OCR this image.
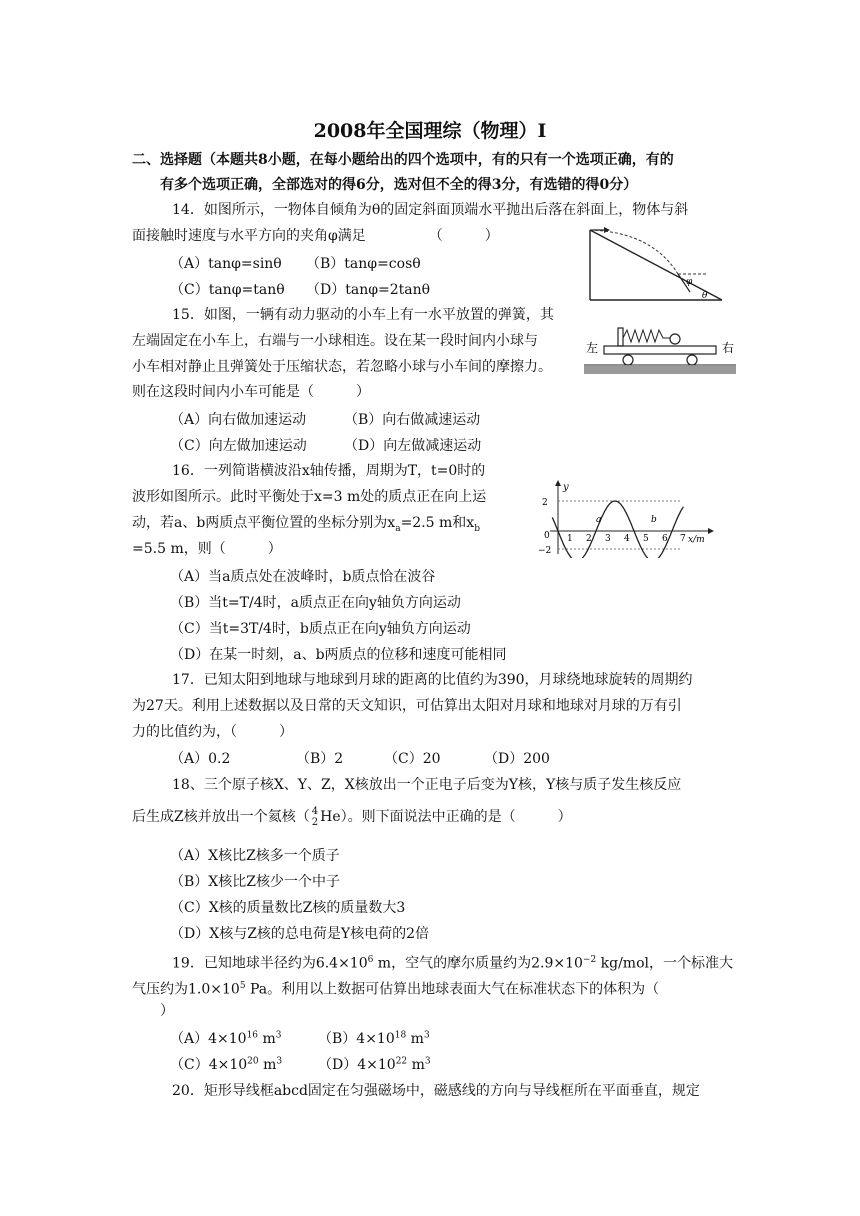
2008年全国理综（物理）Ⅰ
二、选择题（本题共8小题，在每小题给出的四个选项中，有的只有一个选项正确，有的
有多个选项正确，全部选对的得6分，选对但不全的得3分，有选错的得0分）
14．如图所示，一物体自倾角为θ的固定斜面顶端水平抛出后落在斜面上，物体与斜
面接触时速度与水平方向的夹角φ满足　　　　　（　　　）
（A）tanφ=sinθ （B）tanφ=cosθ
（C）tanφ=tanθ （D）tanφ=2tanθ	φ
θ
15．如图，一辆有动力驱动的小车上有一水平放置的弹簧，其
左端固定在小车上，右端与一小球相连。设在某一段时间内小球与
小车相对静止且弹簧处于压缩状态，若忽略小球与小车间的摩擦力。
则在这段时间内小车可能是（　　　）
（A）向右做加速运动	（B）向右做减速运动
（C）向左做加速运动	（D）向左做减速运动
左	右
16．一列简谐横波沿x轴传播，周期为T，t=0时的
波形如图所示。此时平衡处于x=3 m处的质点正在向上运
动，若a、b两质点平衡位置的坐标分别为$x_a=2.5$ m和$x_b$
=5.5 m，则（　　　）
（A）当a质点处在波峰时，b质点恰在波谷
（B）当t=T/4时，a质点正在向y轴负方向运动
（C）当t=3T/4时，b质点正在向y轴负方向运动
（D）在某一时刻，a、b两质点的位移和速度可能相同
y
x/m
2
0
−2
1 2 3 4 5 6 7
a	b
17．已知太阳到地球与地球到月球的距离的比值约为390，月球绕地球旋转的周期约
为27天。利用上述数据以及日常的天文知识，可估算出太阳对月球和地球对月球的万有引
力的比值约为，（　　　）
（A）0.2	（B）2	（C）20	（D）200
18、三个原子核X、Y、Z，X核放出一个正电子后变为Y核，Y核与质子发生核反应
后生成Z核并放出一个氦核（ 4
2 He）。则下面说法中正确的是（　　　）
（A）X核比Z核多一个质子
（B）X核比Z核少一个中子
（C）X核的质量数比Z核的质量数大3
（D）X核与Z核的总电荷是Y核电荷的2倍
19．已知地球半径约为$6.4\times 10^6$ m，空气的摩尔质量约为$2.9\times 10^{-2}$ kg/mol，一个标准大
气压约为$1.0\times 10^5$ Pa。利用以上数据可估算出地球表面大气在标准状态下的体积为（
）
$(A)4\times 10^{16}$ $m^3$	$(B)4\times 10^{18}$ $m^3$
$(C)4\times 10^{20}$ $m^3$	$(D)4\times 10^{22}$ $m^3$
20．矩形导线框abcd固定在匀强磁场中，磁感线的方向与导线框所在平面垂直，规定
